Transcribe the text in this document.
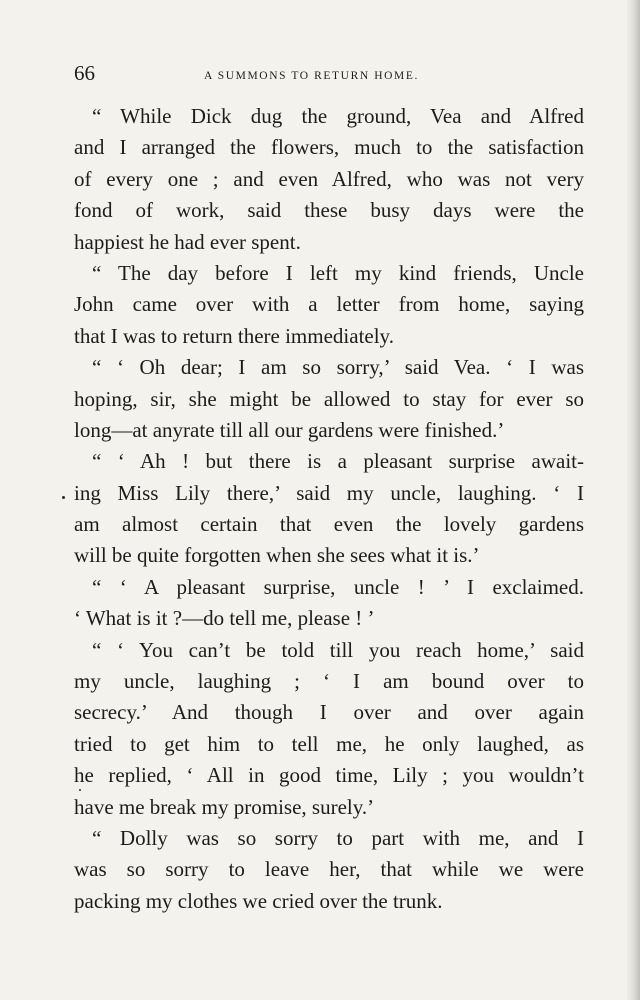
66	A SUMMONS TO RETURN HOME.
“ While Dick dug the ground, Vea and Alfred
and I arranged the flowers, much to the satisfaction
of every one ; and even Alfred, who was not very
fond of work, said these busy days were the
happiest he had ever spent.
“ The day before I left my kind friends, Uncle
John came over with a letter from home, saying
that I was to return there immediately.
“ ‘ Oh dear; I am so sorry,’ said Vea. ‘ I was
hoping, sir, she might be allowed to stay for ever so
long—at anyrate till all our gardens were finished.’
“ ‘ Ah ! but there is a pleasant surprise await-
ing Miss Lily there,’ said my uncle, laughing. ‘ I
am almost certain that even the lovely gardens
will be quite forgotten when she sees what it is.’
“ ‘ A pleasant surprise, uncle ! ’ I exclaimed.
‘ What is it ?—do tell me, please ! ’
“ ‘ You can’t be told till you reach home,’ said
my uncle, laughing ; ‘ I am bound over to
secrecy.’ And though I over and over again
tried to get him to tell me, he only laughed, as
he replied, ‘ All in good time, Lily ; you wouldn’t
have me break my promise, surely.’
“ Dolly was so sorry to part with me, and I
was so sorry to leave her, that while we were
packing my clothes we cried over the trunk.
